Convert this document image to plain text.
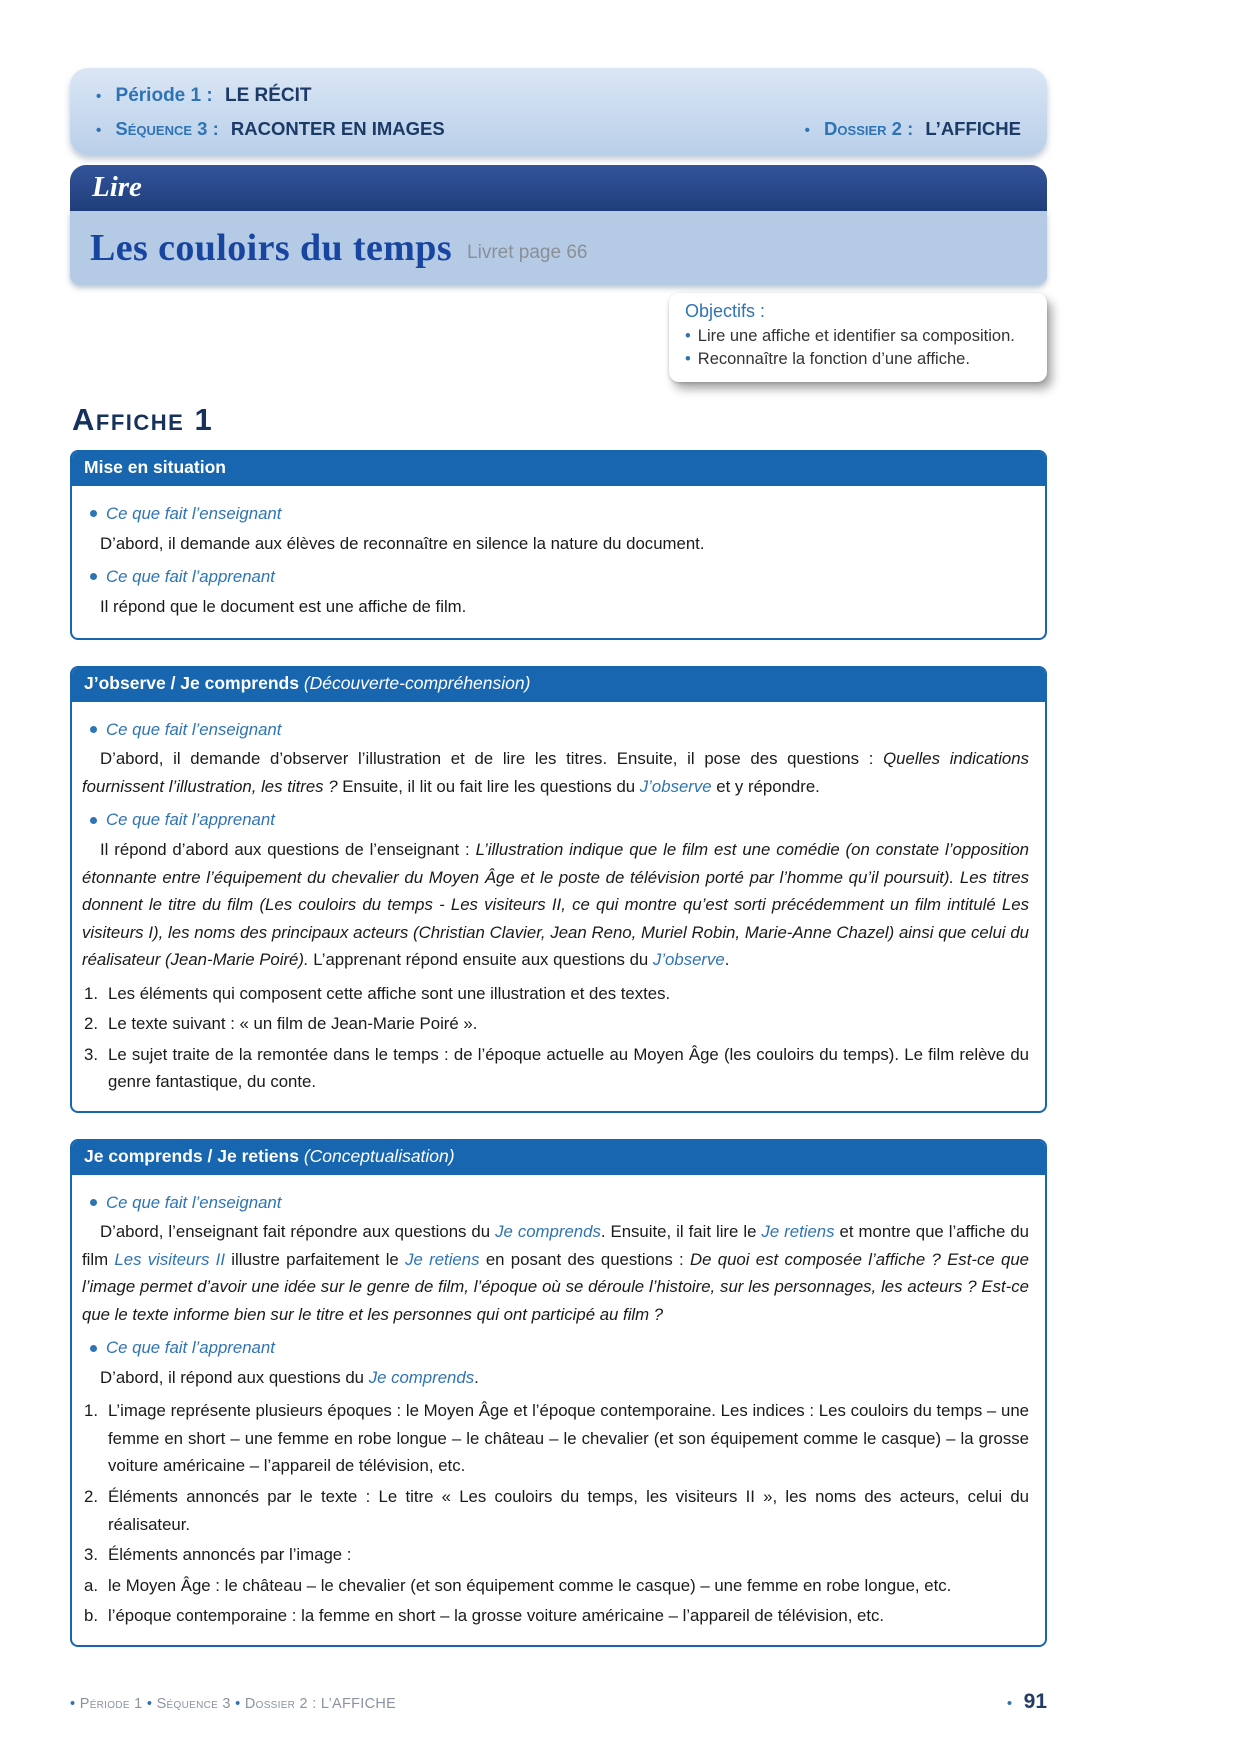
• Période 1 : LE RÉCIT
• Séquence 3 : RACONTER EN IMAGES	• Dossier 2 : L’AFFICHE
Lire
Les couloirs du temps Livret page 66
Objectifs :
• Lire une affiche et identifier sa composition.
• Reconnaître la fonction d’une affiche.
Affiche 1
Mise en situation
Ce que fait l’enseignant

D’abord, il demande aux élèves de reconnaître en silence la nature du document.

Ce que fait l’apprenant

Il répond que le document est une affiche de film.

J’observe / Je comprends (Découverte-compréhension)
Ce que fait l’enseignant

D’abord, il demande d’observer l’illustration et de lire les titres. Ensuite, il pose des questions : Quelles indications fournissent l’illustration, les titres ? Ensuite, il lit ou fait lire les questions du J’observe et y répondre.

Ce que fait l’apprenant

Il répond d’abord aux questions de l’enseignant : L’illustration indique que le film est une comédie (on constate l’opposition étonnante entre l’équipement du chevalier du Moyen Âge et le poste de télévision porté par l’homme qu’il poursuit). Les titres donnent le titre du film (Les couloirs du temps - Les visiteurs II, ce qui montre qu’est sorti précédemment un film intitulé Les visiteurs I), les noms des principaux acteurs (Christian Clavier, Jean Reno, Muriel Robin, Marie-Anne Chazel) ainsi que celui du réalisateur (Jean-Marie Poiré). L’apprenant répond ensuite aux questions du J’observe.

1. Les éléments qui composent cette affiche sont une illustration et des textes.
2. Le texte suivant : « un film de Jean-Marie Poiré ».
3. Le sujet traite de la remontée dans le temps : de l’époque actuelle au Moyen Âge (les couloirs du temps). Le film relève du genre fantastique, du conte.
Je comprends / Je retiens (Conceptualisation)
Ce que fait l’enseignant

D’abord, l’enseignant fait répondre aux questions du Je comprends. Ensuite, il fait lire le Je retiens et montre que l’affiche du film Les visiteurs II illustre parfaitement le Je retiens en posant des questions : De quoi est composée l’affiche ? Est-ce que l’image permet d’avoir une idée sur le genre de film, l’époque où se déroule l’histoire, sur les personnages, les acteurs ? Est-ce que le texte informe bien sur le titre et les personnes qui ont participé au film ?

Ce que fait l’apprenant

D’abord, il répond aux questions du Je comprends.

1. L’image représente plusieurs époques : le Moyen Âge et l’époque contemporaine. Les indices : Les couloirs du temps – une femme en short – une femme en robe longue – le château – le chevalier (et son équipement comme le casque) – la grosse voiture américaine – l’appareil de télévision, etc.
2. Éléments annoncés par le texte : Le titre « Les couloirs du temps, les visiteurs II », les noms des acteurs, celui du réalisateur.
3. Éléments annoncés par l’image :
a. le Moyen Âge : le château – le chevalier (et son équipement comme le casque) – une femme en robe longue, etc.
b. l’époque contemporaine : la femme en short – la grosse voiture américaine – l’appareil de télévision, etc.
• Période 1 • Séquence 3 • Dossier 2 : L’AFFICHE	• 91
